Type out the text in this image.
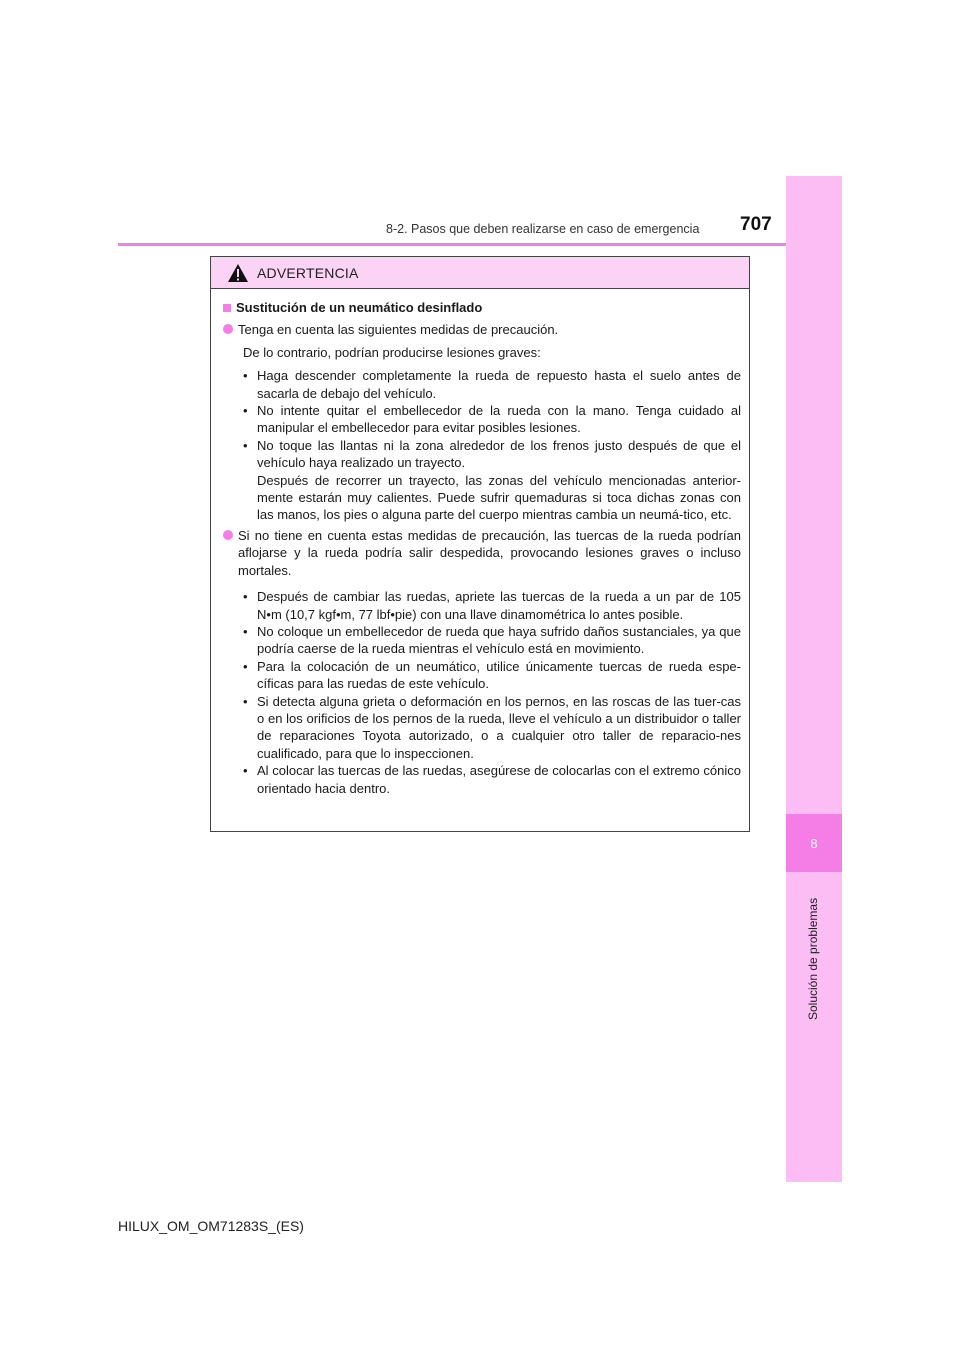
8
Solución de problemas
8-2. Pasos que deben realizarse en caso de emergencia 707
ADVERTENCIA
Sustitución de un neumático desinflado
Tenga en cuenta las siguientes medidas de precaución.
De lo contrario, podrían producirse lesiones graves:
• Haga descender completamente la rueda de repuesto hasta el suelo antes de sacarla de debajo del vehículo.
• No intente quitar el embellecedor de la rueda con la mano. Tenga cuidado al manipular el embellecedor para evitar posibles lesiones.
• No toque las llantas ni la zona alrededor de los frenos justo después de que el vehículo haya realizado un trayecto.
Después de recorrer un trayecto, las zonas del vehículo mencionadas anterior-mente estarán muy calientes. Puede sufrir quemaduras si toca dichas zonas con las manos, los pies o alguna parte del cuerpo mientras cambia un neumá-tico, etc.
Si no tiene en cuenta estas medidas de precaución, las tuercas de la rueda podrían aflojarse y la rueda podría salir despedida, provocando lesiones graves o incluso mortales.
• Después de cambiar las ruedas, apriete las tuercas de la rueda a un par de 105 N•m (10,7 kgf•m, 77 lbf•pie) con una llave dinamométrica lo antes posible.
• No coloque un embellecedor de rueda que haya sufrido daños sustanciales, ya que podría caerse de la rueda mientras el vehículo está en movimiento.
• Para la colocación de un neumático, utilice únicamente tuercas de rueda espe-cíficas para las ruedas de este vehículo.
• Si detecta alguna grieta o deformación en los pernos, en las roscas de las tuer-cas o en los orificios de los pernos de la rueda, lleve el vehículo a un distribuidor o taller de reparaciones Toyota autorizado, o a cualquier otro taller de reparacio-nes cualificado, para que lo inspeccionen.
• Al colocar las tuercas de las ruedas, asegúrese de colocarlas con el extremo cónico orientado hacia dentro.
HILUX_OM_OM71283S_(ES)
